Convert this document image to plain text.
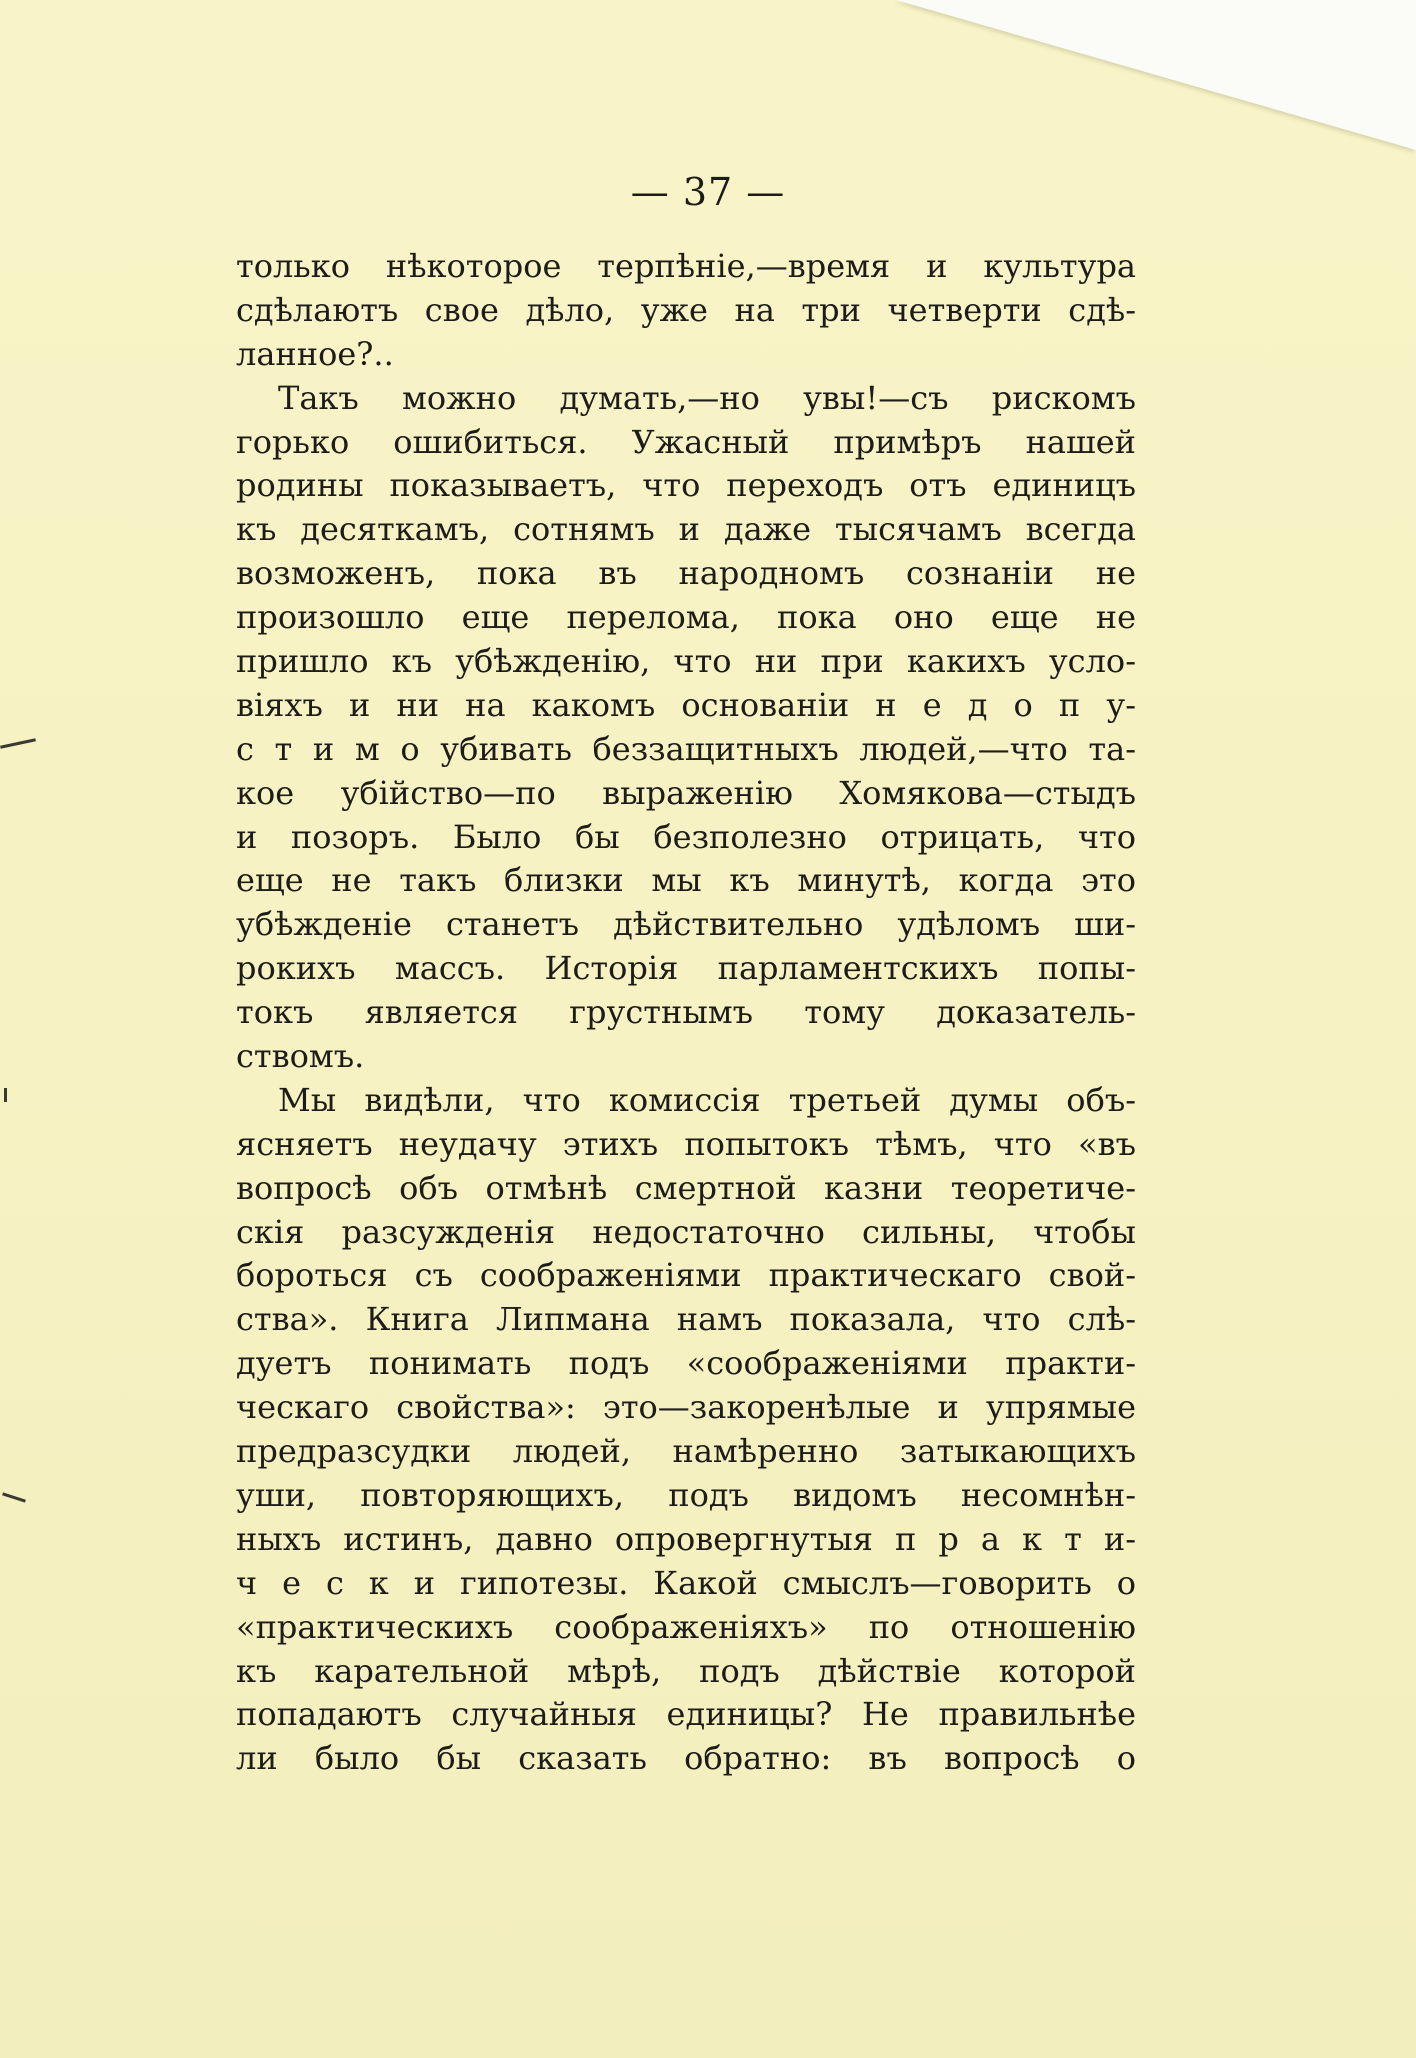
— 37 —
только нѣкоторое терпѣніе,—время и культура
сдѣлаютъ свое дѣло, уже на три четверти сдѣ-
ланное?..
Такъ можно думать,—но увы!—съ рискомъ
горько ошибиться. Ужасный примѣръ нашей
родины показываетъ, что переходъ отъ единицъ
къ десяткамъ, сотнямъ и даже тысячамъ всегда
возможенъ, пока въ народномъ сознаніи не
произошло еще перелома, пока оно еще не
пришло къ убѣжденію, что ни при какихъ усло-
віяхъ и ни на какомъ основаніи н е д о п у-
с т и м о убивать беззащитныхъ людей,—что та-
кое убійство—по выраженію Хомякова—стыдъ
и позоръ. Было бы безполезно отрицать, что
еще не такъ близки мы къ минутѣ, когда это
убѣжденіе станетъ дѣйствительно удѣломъ ши-
рокихъ массъ. Исторія парламентскихъ попы-
токъ является грустнымъ тому доказатель-
ствомъ.
Мы видѣли, что комиссія третьей думы объ-
ясняетъ неудачу этихъ попытокъ тѣмъ, что «въ
вопросѣ объ отмѣнѣ смертной казни теоретиче-
скія разсужденія недостаточно сильны, чтобы
бороться съ соображеніями практическаго свой-
ства». Книга Липмана намъ показала, что слѣ-
дуетъ понимать подъ «соображеніями практи-
ческаго свойства»: это—закоренѣлые и упрямые
предразсудки людей, намѣренно затыкающихъ
уши, повторяющихъ, подъ видомъ несомнѣн-
ныхъ истинъ, давно опровергнутыя п р а к т и-
ч е с к и гипотезы. Какой смыслъ—говорить о
«практическихъ соображеніяхъ» по отношенію
къ карательной мѣрѣ, подъ дѣйствіе которой
попадаютъ случайныя единицы? Не правильнѣе
ли было бы сказать обратно: въ вопросѣ о
